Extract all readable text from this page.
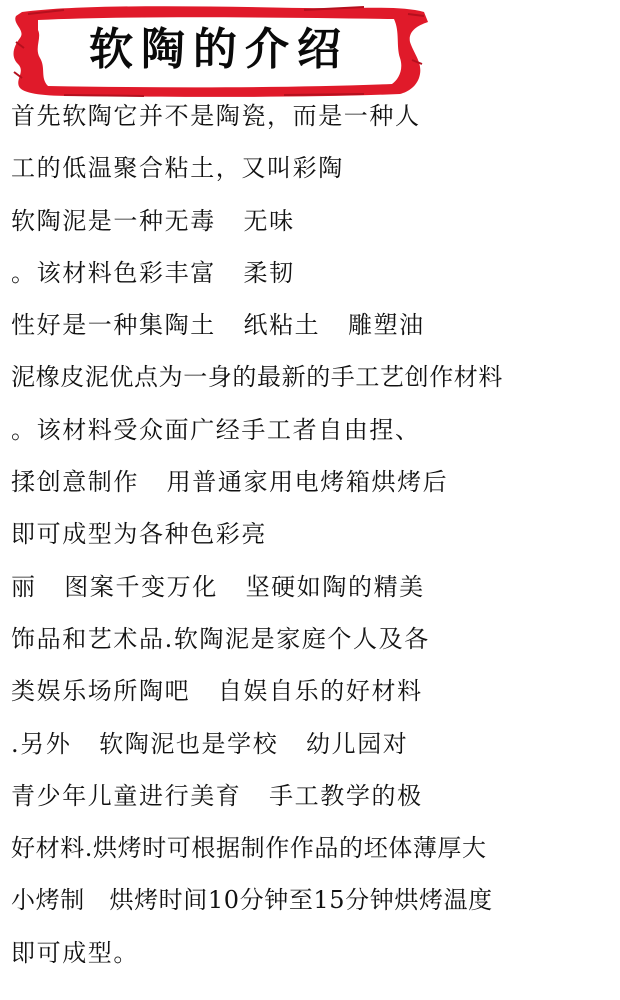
软陶的介绍
首先软陶它并不是陶瓷，而是一种人
工的低温聚合粘土，又叫彩陶
软陶泥是一种无毒   无味
。该材料色彩丰富   柔韧
性好是一种集陶土   纸粘土   雕塑油
泥橡皮泥优点为一身的最新的手工艺创作材料
。该材料受众面广经手工者自由捏、
揉创意制作   用普通家用电烤箱烘烤后
即可成型为各种色彩亮
丽   图案千变万化   坚硬如陶的精美
饰品和艺术品.软陶泥是家庭个人及各
类娱乐场所陶吧   自娱自乐的好材料
.另外   软陶泥也是学校   幼儿园对
青少年儿童进行美育   手工教学的极
好材料.烘烤时可根据制作作品的坯体薄厚大
小烤制   烘烤时间10分钟至15分钟烘烤温度
即可成型。
